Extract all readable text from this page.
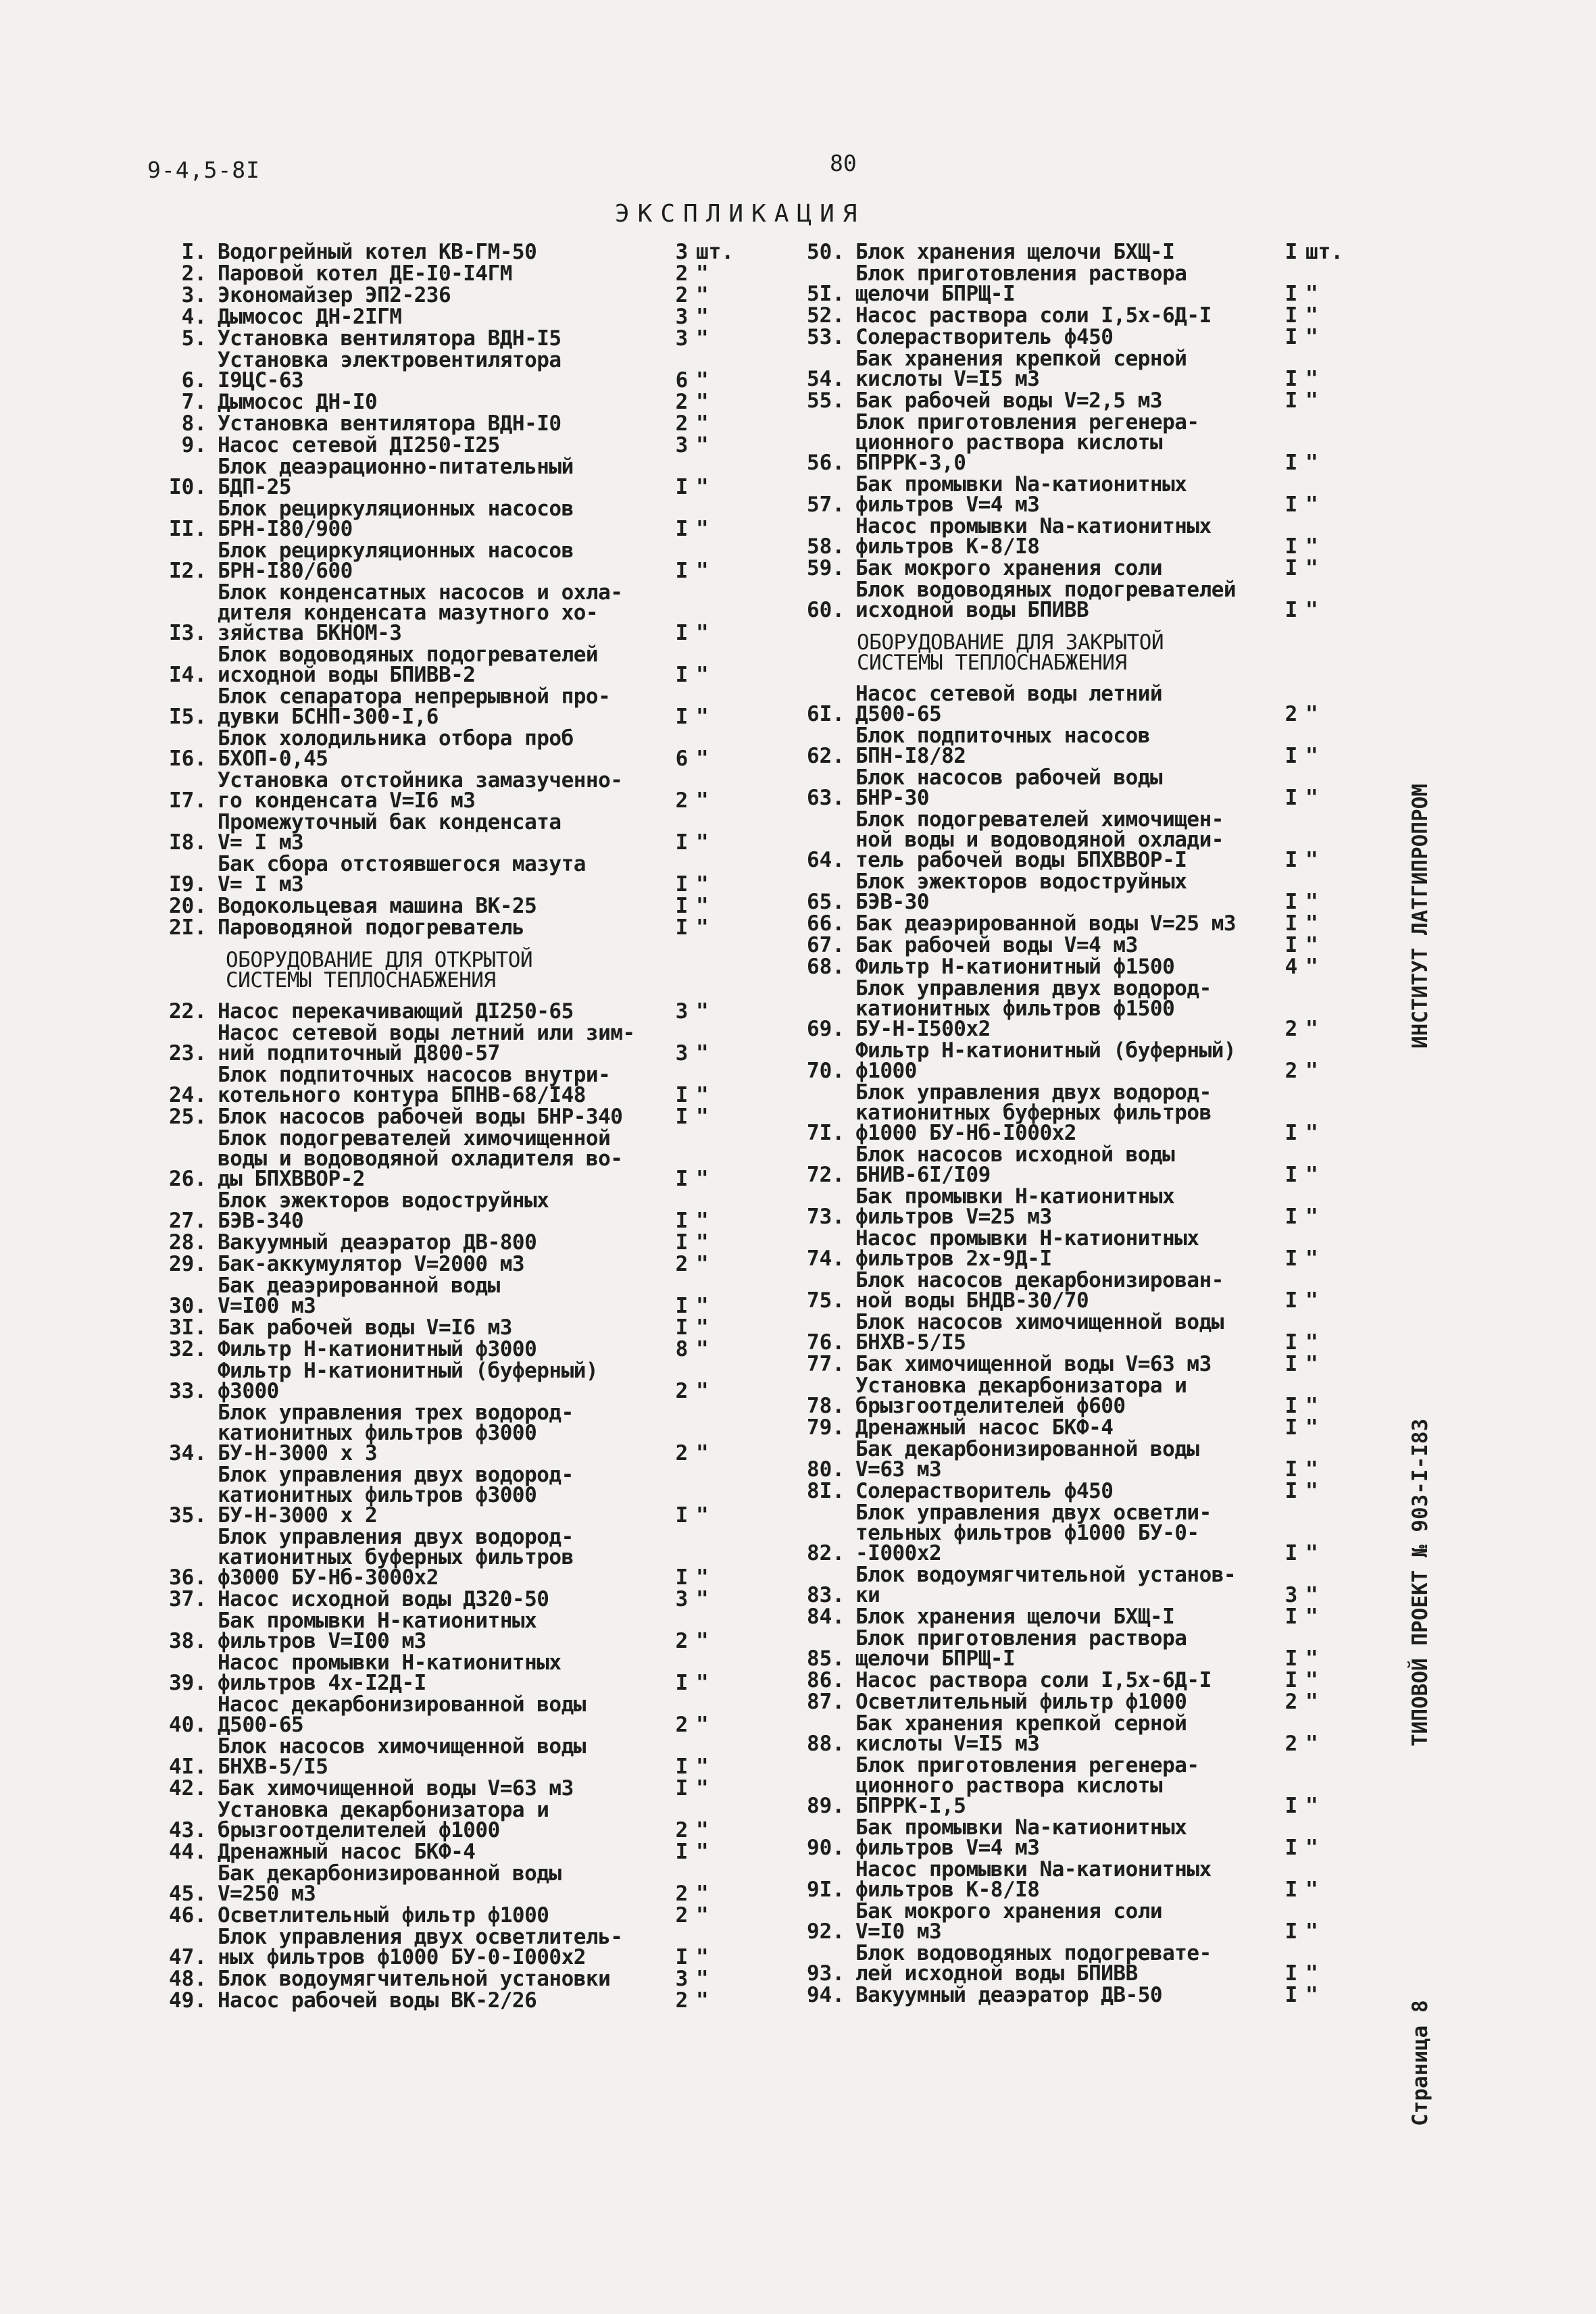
9-4,5-8I	80
ЭКСПЛИКАЦИЯ
I. Водогрейный котел КВ-ГМ-50	3 шт.
2. Паровой котел ДЕ-I0-I4ГМ	2 "
3. Экономайзер ЭП2-236	2 "
4. Дымосос ДН-2IГМ	3 "
5. Установка вентилятора ВДН-I5	3 "
6.
Установка электровентилятора
I9ЦС-63	6 "
7. Дымосос ДН-I0	2 "
8. Установка вентилятора ВДН-I0	2 "
9. Насос сетевой ДI250-I25	3 "
I0.
Блок деаэрационно-питательный
БДП-25	I "
II.
Блок рециркуляционных насосов
БРН-I80/900	I "
I2.
Блок рециркуляционных насосов
БРН-I80/600	I "
I3.
Блок конденсатных насосов и охла-
дителя конденсата мазутного хо-
зяйства БКНОМ-3	I "
I4.
Блок водоводяных подогревателей
исходной воды БПИВВ-2	I "
I5.
Блок сепаратора непрерывной про-
дувки БСНП-300-I,6	I "
I6.
Блок холодильника отбора проб
БХОП-0,45	6 "
I7.
Установка отстойника замазученно-
го конденсата V=I6 м3	2 "
I8.
Промежуточный бак конденсата
V= I м3	I "
I9.
Бак сбора отстоявшегося мазута
V= I м3	I "
20. Водокольцевая машина ВК-25	I "
2I. Пароводяной подогреватель	I "
ОБОРУДОВАНИЕ ДЛЯ ОТКРЫТОЙ
СИСТЕМЫ ТЕПЛОСНАБЖЕНИЯ
22. Насос перекачивающий ДI250-65	3 "
23.
Насос сетевой воды летний или зим-
ний подпиточный Д800-57	3 "
24.
Блок подпиточных насосов внутри-
котельного контура БПНВ-68/I48	I "
25. Блок насосов рабочей воды БНР-340	I "
26.
Блок подогревателей химочищенной
воды и водоводяной охладителя во-
ды БПХВВОР-2	I "
27.
Блок эжекторов водоструйных
БЭВ-340	I "
28. Вакуумный деаэратор ДВ-800	I "
29. Бак-аккумулятор V=2000 м3	2 "
30.
Бак деаэрированной воды
V=I00 м3	I "
3I. Бак рабочей воды V=I6 м3	I "
32. Фильтр Н-катионитный ф3000	8 "
33.
Фильтр Н-катионитный (буферный)
ф3000	2 "
34.
Блок управления трех водород-
катионитных фильтров ф3000
БУ-Н-3000 х 3	2 "
35.
Блок управления двух водород-
катионитных фильтров ф3000
БУ-Н-3000 х 2	I "
36.
Блок управления двух водород-
катионитных буферных фильтров
ф3000 БУ-Нб-3000х2	I "
37. Насос исходной воды Д320-50	3 "
38.
Бак промывки Н-катионитных
фильтров V=I00 м3	2 "
39.
Насос промывки Н-катионитных
фильтров 4х-I2Д-I	I "
40.
Насос декарбонизированной воды
Д500-65	2 "
4I.
Блок насосов химочищенной воды
БНХВ-5/I5	I "
42. Бак химочищенной воды V=63 м3	I "
43.
Установка декарбонизатора и
брызгоотделителей ф1000	2 "
44. Дренажный насос БКФ-4	I "
45.
Бак декарбонизированной воды
V=250 м3	2 "
46. Осветлительный фильтр ф1000	2 "
47.
Блок управления двух осветлитель-
ных фильтров ф1000 БУ-0-I000х2	I "
48. Блок водоумягчительной установки	3 "
49. Насос рабочей воды ВК-2/26	2 "
50. Блок хранения щелочи БХЩ-I	I шт.
5I.
Блок приготовления раствора
щелочи БПРЩ-I	I "
52. Насос раствора соли I,5х-6Д-I	I "
53. Солерастворитель ф450	I "
54.
Бак хранения крепкой серной
кислоты V=I5 м3	I "
55. Бак рабочей воды V=2,5 м3	I "
56.
Блок приготовления регенера-
ционного раствора кислоты
БПРРК-3,0	I "
57.
Бак промывки Na-катионитных
фильтров V=4 м3	I "
58.
Насос промывки Na-катионитных
фильтров К-8/I8	I "
59. Бак мокрого хранения соли	I "
60.
Блок водоводяных подогревателей
исходной воды БПИВВ	I "
ОБОРУДОВАНИЕ ДЛЯ ЗАКРЫТОЙ
СИСТЕМЫ ТЕПЛОСНАБЖЕНИЯ
6I.
Насос сетевой воды летний
Д500-65	2 "
62.
Блок подпиточных насосов
БПН-I8/82	I "
63.
Блок насосов рабочей воды
БНР-30	I "
64.
Блок подогревателей химочищен-
ной воды и водоводяной охлади-
тель рабочей воды БПХВВОР-I	I "
65.
Блок эжекторов водоструйных
БЭВ-30	I "
66. Бак деаэрированной воды V=25 м3	I "
67. Бак рабочей воды V=4 м3	I "
68. Фильтр Н-катионитный ф1500	4 "
69.
Блок управления двух водород-
катионитных фильтров ф1500
БУ-Н-I500х2	2 "
70.
Фильтр Н-катионитный (буферный)
ф1000	2 "
7I.
Блок управления двух водород-
катионитных буферных фильтров
ф1000 БУ-Нб-I000х2	I "
72.
Блок насосов исходной воды
БНИВ-6I/I09	I "
73.
Бак промывки Н-катионитных
фильтров V=25 м3	I "
74.
Насос промывки Н-катионитных
фильтров 2х-9Д-I	I "
75.
Блок насосов декарбонизирован-
ной воды БНДВ-30/70	I "
76.
Блок насосов химочищенной воды
БНХВ-5/I5	I "
77. Бак химочищенной воды V=63 м3	I "
78.
Установка декарбонизатора и
брызгоотделителей ф600	I "
79. Дренажный насос БКФ-4	I "
80.
Бак декарбонизированной воды
V=63 м3	I "
8I. Солерастворитель ф450	I "
82.
Блок управления двух осветли-
тельных фильтров ф1000 БУ-0-
-I000х2	I "
83.
Блок водоумягчительной установ-
ки	3 "
84. Блок хранения щелочи БХЩ-I	I "
85.
Блок приготовления раствора
щелочи БПРЩ-I	I "
86. Насос раствора соли I,5х-6Д-I	I "
87. Осветлительный фильтр ф1000	2 "
88.
Бак хранения крепкой серной
кислоты V=I5 м3	2 "
89.
Блок приготовления регенера-
ционного раствора кислоты
БПРРК-I,5	I "
90.
Бак промывки Na-катионитных
фильтров V=4 м3	I "
9I.
Насос промывки Na-катионитных
фильтров К-8/I8	I "
92.
Бак мокрого хранения соли
V=I0 м3	I "
93.
Блок водоводяных подогревате-
лей исходной воды БПИВВ	I "
94. Вакуумный деаэратор ДВ-50	I "
ИНСТИТУТ ЛАТГИПРОПРОМ
ТИПОВОЙ ПРОЕКТ № 903-I-I83
Страница 8
